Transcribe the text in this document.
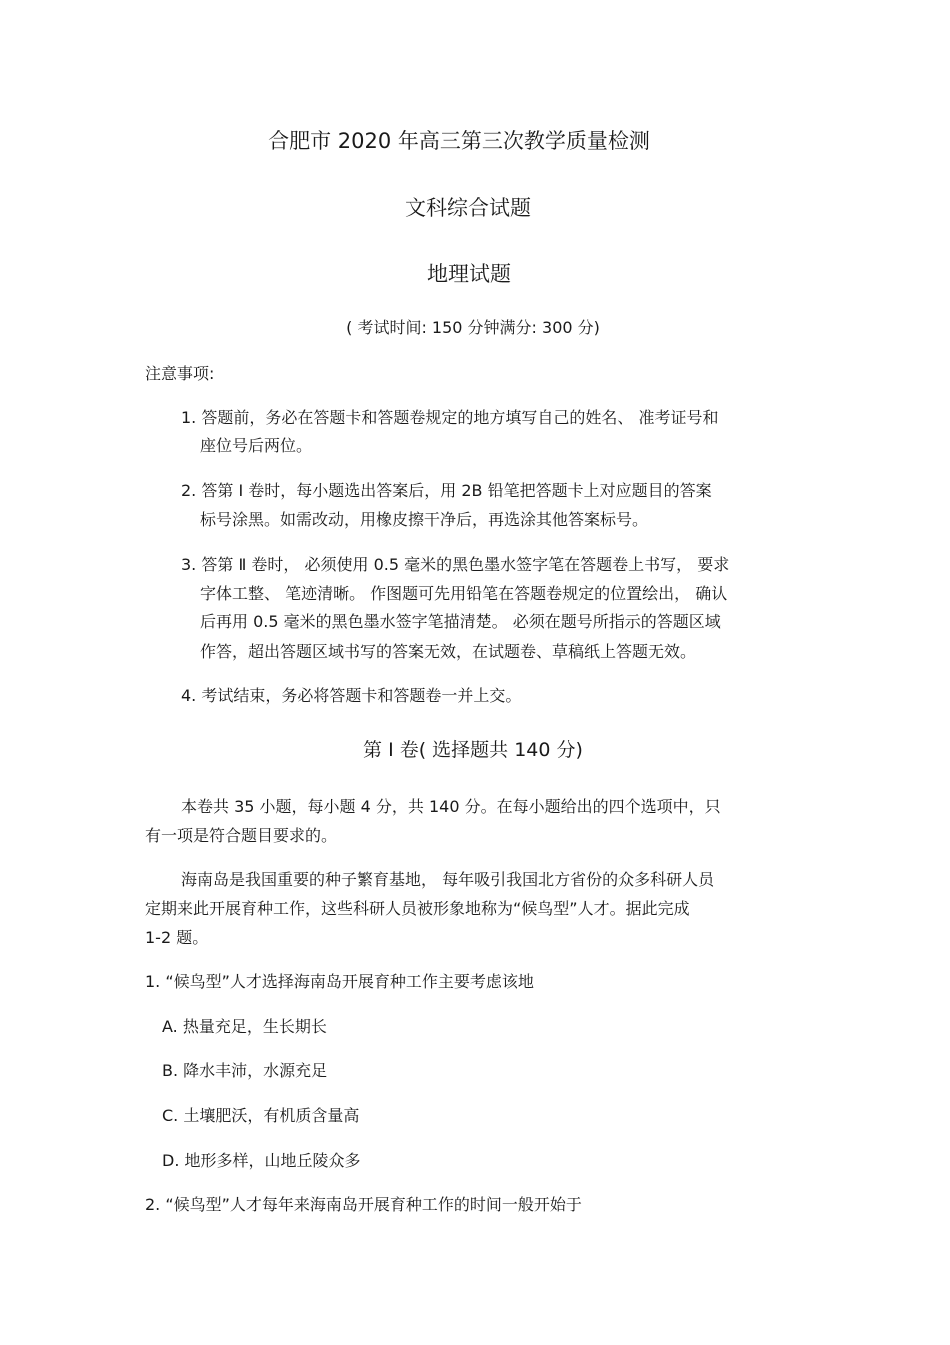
合肥市 2020 年高三第三次教学质量检测
文科综合试题
地理试题
( 考试时间: 150 分钟满分: 300 分)
注意事项:
1. 答题前，务必在答题卡和答题卷规定的地方填写自己的姓名、 准考证号和
座位号后两位。
2. 答第 Ⅰ 卷时，每小题选出答案后，用 2B 铅笔把答题卡上对应题目的答案
标号涂黑。如需改动，用橡皮擦干净后，再选涂其他答案标号。
3. 答第 Ⅱ 卷时， 必须使用 0.5 毫米的黑色墨水签字笔在答题卷上书写， 要求
字体工整、 笔迹清晰。 作图题可先用铅笔在答题卷规定的位置绘出， 确认
后再用 0.5 毫米的黑色墨水签字笔描清楚。 必须在题号所指示的答题区域
作答，超出答题区域书写的答案无效，在试题卷、草稿纸上答题无效。
4. 考试结束，务必将答题卡和答题卷一并上交。
第 Ⅰ 卷( 选择题共 140 分)
本卷共 35 小题，每小题 4 分，共 140 分。在每小题给出的四个选项中，只
有一项是符合题目要求的。
海南岛是我国重要的种子繁育基地， 每年吸引我国北方省份的众多科研人员
定期来此开展育种工作，这些科研人员被形象地称为“候鸟型”人才。据此完成
1-2 题。
1. “候鸟型”人才选择海南岛开展育种工作主要考虑该地
A. 热量充足，生长期长
B. 降水丰沛，水源充足
C. 土壤肥沃，有机质含量高
D. 地形多样，山地丘陵众多
2. “候鸟型”人才每年来海南岛开展育种工作的时间一般开始于
